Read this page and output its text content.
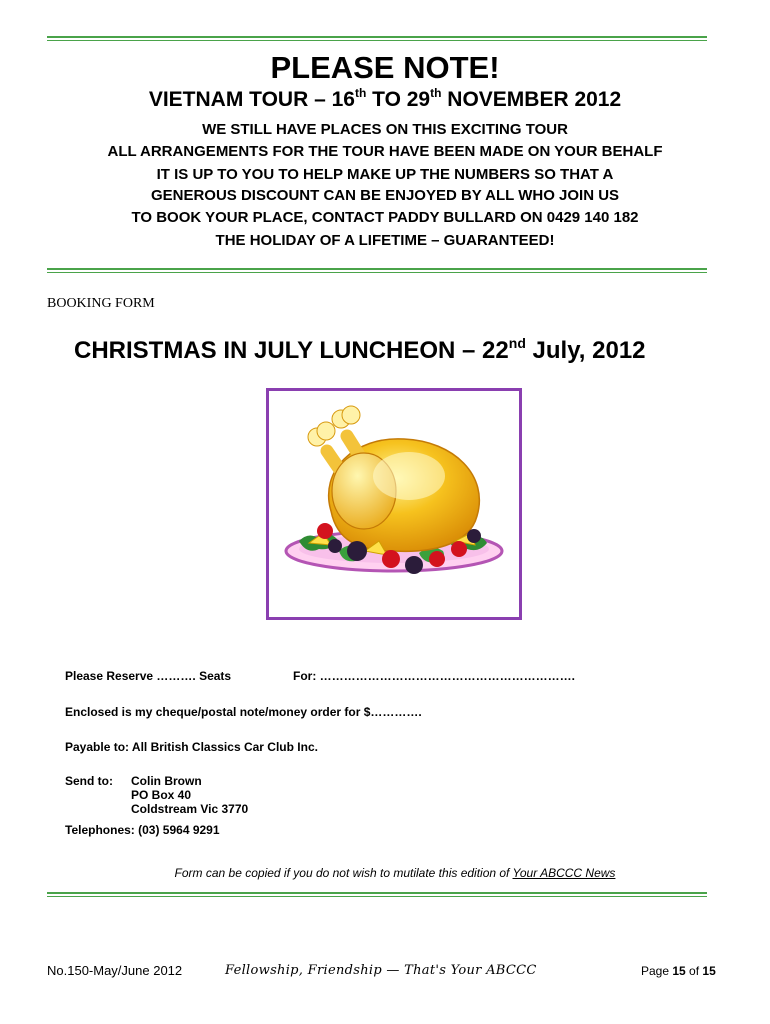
PLEASE NOTE!
VIETNAM TOUR – 16th TO 29th NOVEMBER 2012
WE STILL HAVE PLACES ON THIS EXCITING TOUR
ALL ARRANGEMENTS FOR THE TOUR HAVE BEEN MADE ON YOUR BEHALF
IT IS UP TO YOU TO HELP MAKE UP THE NUMBERS SO THAT A
GENEROUS DISCOUNT CAN BE ENJOYED BY ALL WHO JOIN US
TO BOOK YOUR PLACE, CONTACT PADDY BULLARD ON 0429 140 182
THE HOLIDAY OF A LIFETIME – GUARANTEED!
BOOKING FORM
CHRISTMAS IN JULY LUNCHEON – 22nd July, 2012
Please Reserve ………. Seats	For: ……………………………………………………….
Enclosed is my cheque/postal note/money order for $………….
Payable to: All British Classics Car Club Inc.
Send to: Colin Brown
PO Box 40
Coldstream Vic 3770
Telephones: (03) 5964 9291
Form can be copied if you do not wish to mutilate this edition of Your ABCCC News
No.150-May/June 2012	Fellowship, Friendship — That's Your ABCCC	Page 15 of 15
